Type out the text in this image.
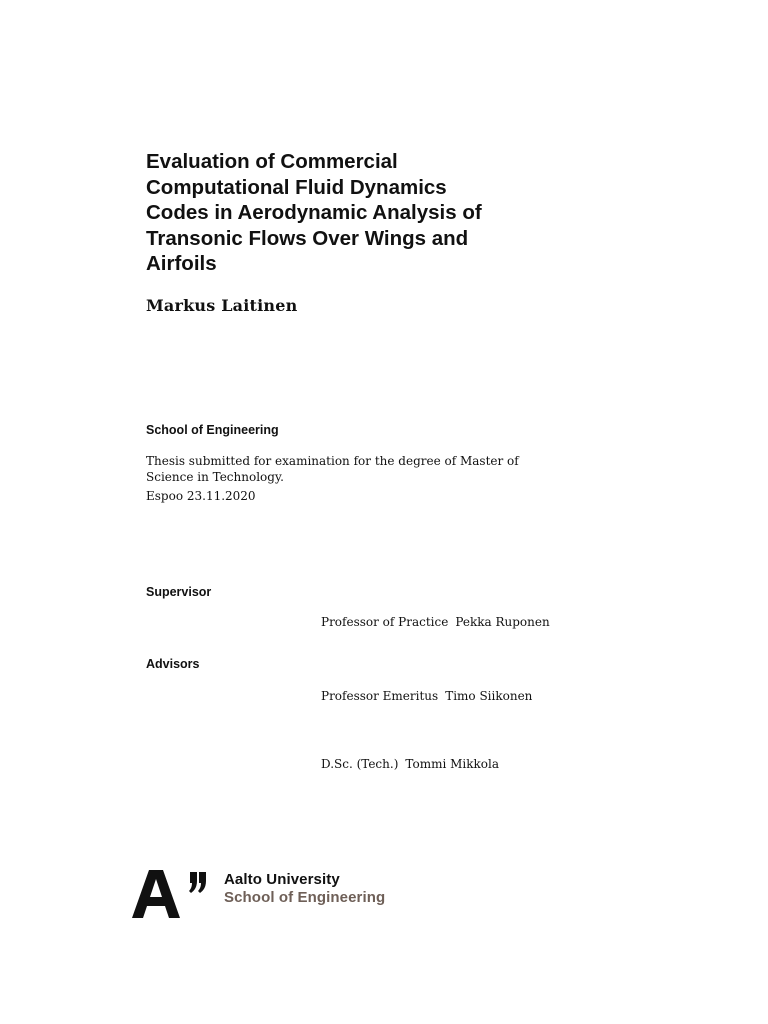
Evaluation of Commercial
Computational Fluid Dynamics
Codes in Aerodynamic Analysis of
Transonic Flows Over Wings and
Airfoils
Markus Laitinen
School of Engineering
Thesis submitted for examination for the degree of Master of
Science in Technology.
Espoo 23.11.2020
Supervisor
Professor of Practice Pekka Ruponen
Advisors
Professor Emeritus Timo Siikonen
D.Sc. (Tech.) Tommi Mikkola
Aalto University
School of Engineering
